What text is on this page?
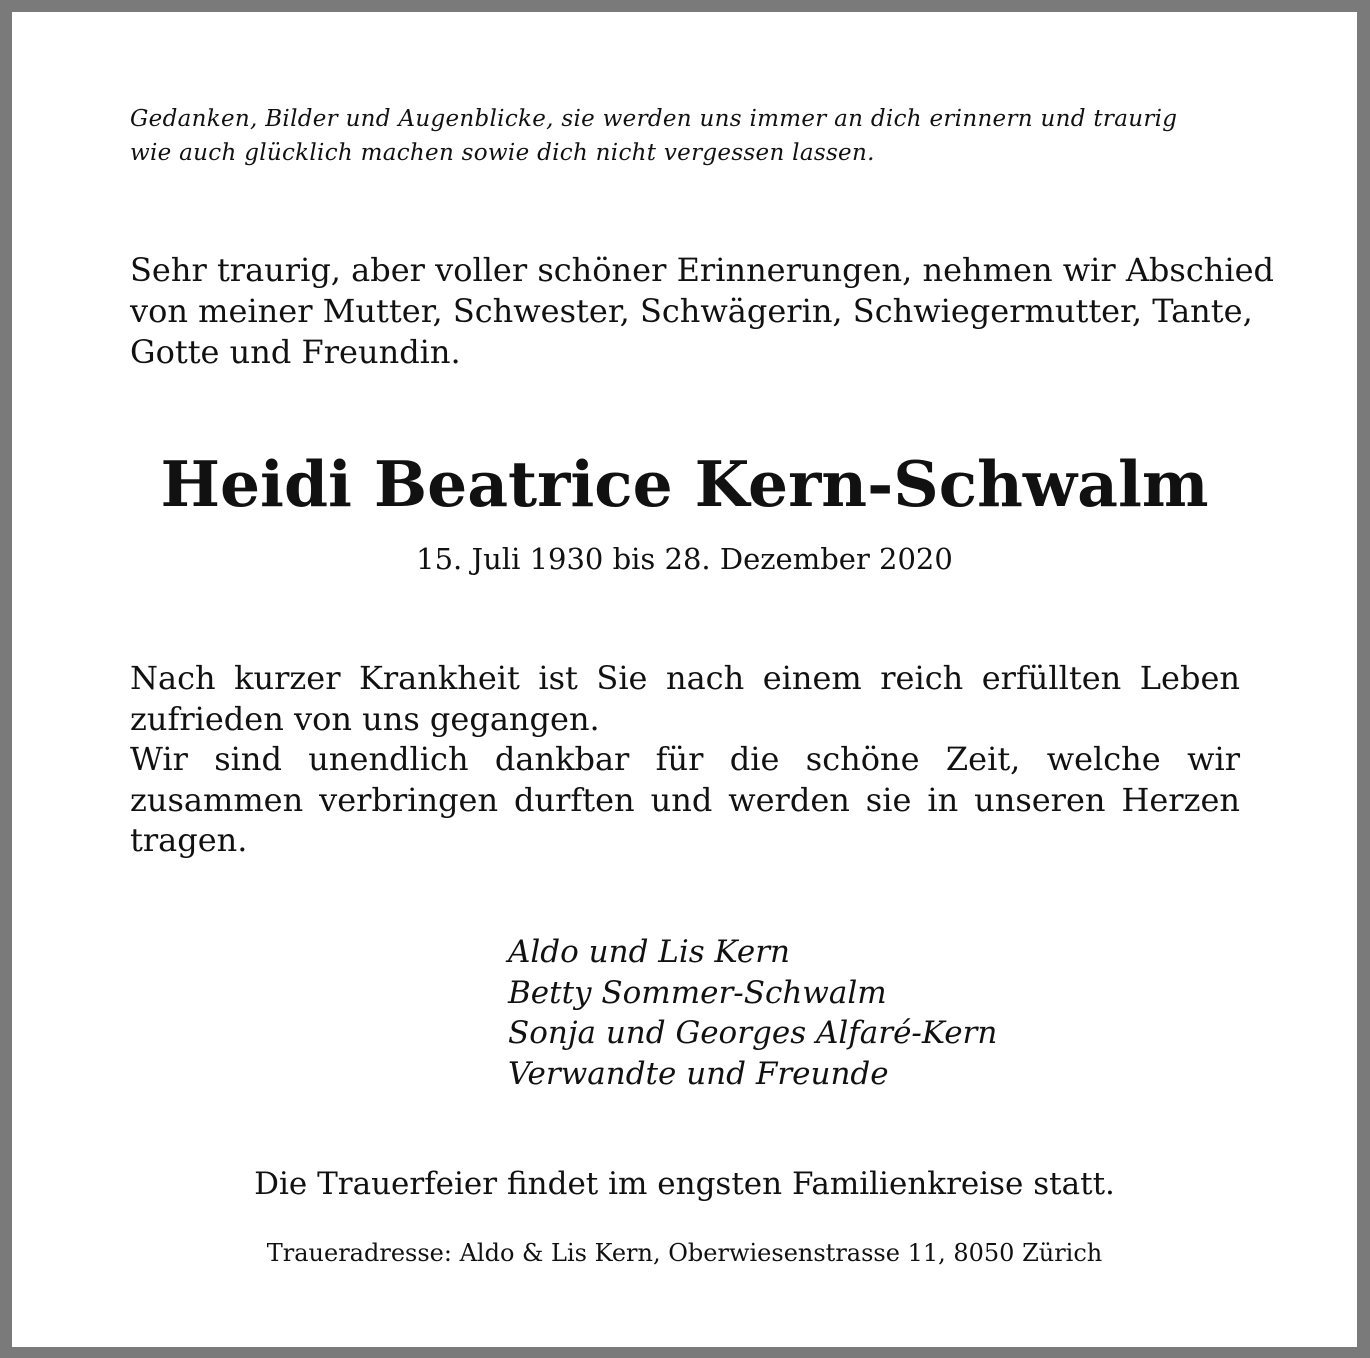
Gedanken, Bilder und Augenblicke, sie werden uns immer an dich erinnern und traurig
wie auch glücklich machen sowie dich nicht vergessen lassen.
Sehr traurig, aber voller schöner Erinnerungen, nehmen wir Abschied
von meiner Mutter, Schwester, Schwägerin, Schwiegermutter, Tante,
Gotte und Freundin.
Heidi Beatrice Kern-Schwalm
15. Juli 1930 bis 28. Dezember 2020

Nach kurzer Krankheit ist Sie nach einem reich erfüllten Leben zufrieden von uns gegangen.

Wir sind unendlich dankbar für die schöne Zeit, welche wir zusammen verbringen durften und werden sie in unseren Herzen tragen.

Aldo und Lis Kern
Betty Sommer-Schwalm
Sonja und Georges Alfaré-Kern
Verwandte und Freunde
Die Trauerfeier findet im engsten Familienkreise statt.
Traueradresse: Aldo & Lis Kern, Oberwiesenstrasse 11, 8050 Zürich
